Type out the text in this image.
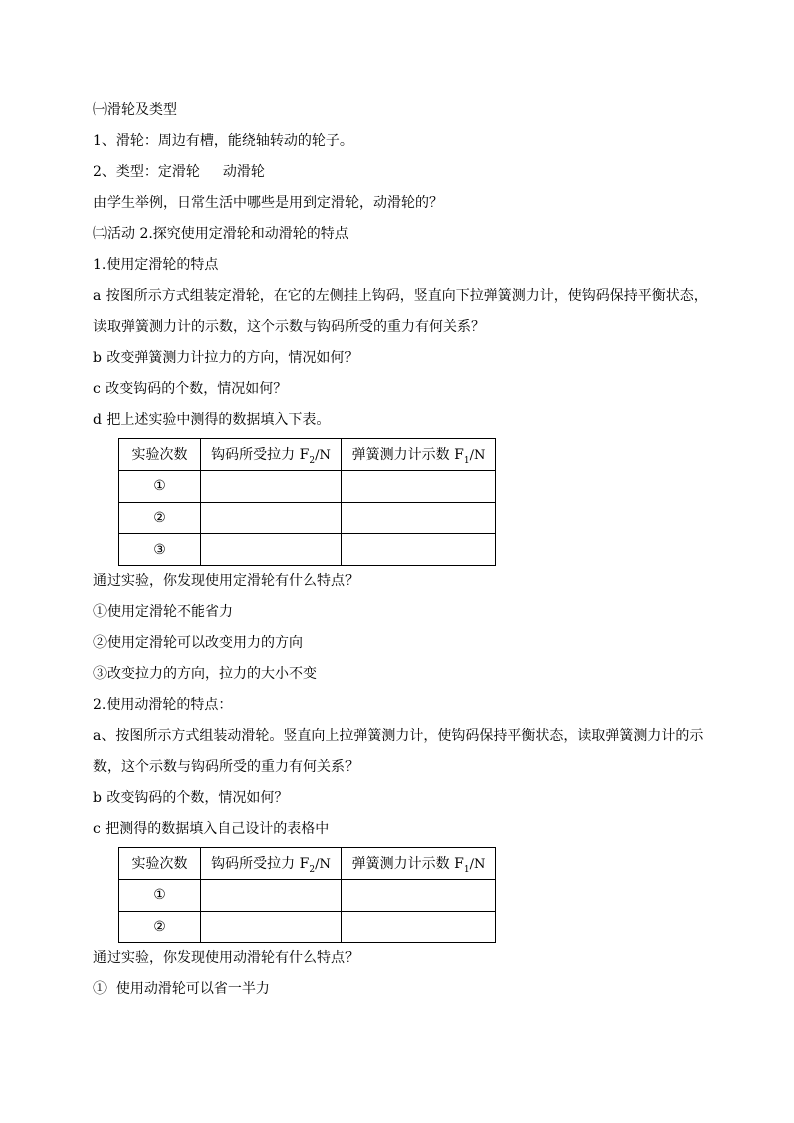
㈠滑轮及类型
1、滑轮：周边有槽，能绕轴转动的轮子。
2、类型：定滑轮 动滑轮
由学生举例，日常生活中哪些是用到定滑轮，动滑轮的？
㈡活动 2.探究使用定滑轮和动滑轮的特点
1.使用定滑轮的特点
a 按图所示方式组装定滑轮，在它的左侧挂上钩码，竖直向下拉弹簧测力计，使钩码保持平衡状态，
读取弹簧测力计的示数，这个示数与钩码所受的重力有何关系？
b 改变弹簧测力计拉力的方向，情况如何？
c 改变钩码的个数，情况如何？
d 把上述实验中测得的数据填入下表。
实验次数	钩码所受拉力 $F_2/N$	弹簧测力计示数 $F_1/N$
①		
②		
③		
通过实验，你发现使用定滑轮有什么特点？
①使用定滑轮不能省力
②使用定滑轮可以改变用力的方向
③改变拉力的方向，拉力的大小不变
2.使用动滑轮的特点：
a、按图所示方式组装动滑轮。竖直向上拉弹簧测力计，使钩码保持平衡状态，读取弹簧测力计的示
数，这个示数与钩码所受的重力有何关系？
b 改变钩码的个数，情况如何？
c 把测得的数据填入自己设计的表格中
实验次数	钩码所受拉力 $F_2/N$	弹簧测力计示数 $F_1/N$
①		
②		
通过实验，你发现使用动滑轮有什么特点？
①  使用动滑轮可以省一半力
